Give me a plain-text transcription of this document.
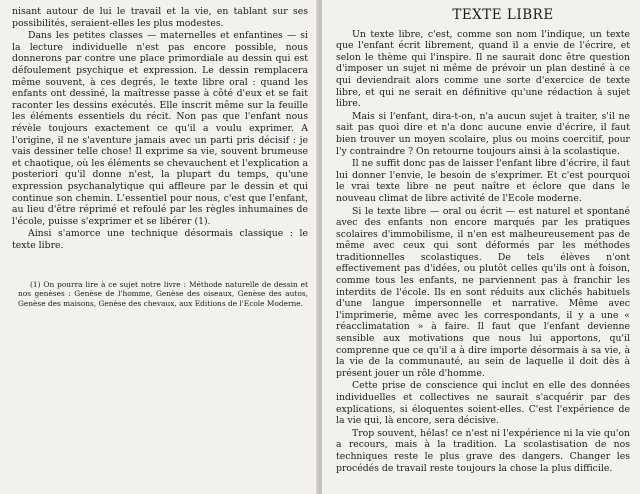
nisant autour de lui le travail et la vie, en tablant sur ses possibilités, seraient-elles les plus modestes.

Dans les petites classes — maternelles et enfantines — si la lecture individuelle n'est pas encore possible, nous donnerons par contre une place primordiale au dessin qui est défoulement psychique et expression. Le dessin remplacera même souvent, à ces degrés, le texte libre oral : quand les enfants ont dessiné, la maîtresse passe à côté d'eux et se fait raconter les dessins exécutés. Elle inscrit même sur la feuille les éléments essentiels du récit. Non pas que l'enfant nous révèle toujours exactement ce qu'il a voulu exprimer. A l'origine, il ne s'aventure jamais avec un parti pris décisif : je vais dessiner telle chose! Il exprime sa vie, souvent brumeuse et chaotique, où les éléments se chevauchent et l'explication a posteriori qu'il donne n'est, la plupart du temps, qu'une expression psychanalytique qui affleure par le dessin et qui continue son chemin. L'essentiel pour nous, c'est que l'enfant, au lieu d'être réprimé et refoulé par les règles inhumaines de l'école, puisse s'exprimer et se libérer (1).

Ainsi s'amorce une technique désormais classique : le texte libre.

(1) On pourra lire à ce sujet notre livre : Méthode naturelle de dessin et nos genèses : Genèse de l'homme, Genèse des oiseaux, Genèse des autos, Genèse des maisons, Genèse des chevaux, aux Editions de l'Ecole Moderne.

TEXTE LIBRE

Un texte libre, c'est, comme son nom l'indique, un texte que l'enfant écrit librement, quand il a envie de l'écrire, et selon le thème qui l'inspire. Il ne saurait donc être question d'imposer un sujet ni même de prévoir un plan destiné à ce qui deviendrait alors comme une sorte d'exercice de texte libre, et qui ne serait en définitive qu'une rédaction à sujet libre.

Mais si l'enfant, dira-t-on, n'a aucun sujet à traiter, s'il ne sait pas quoi dire et n'a donc aucune envie d'écrire, il faut bien trouver un moyen scolaire, plus ou moins coercitif, pour l'y contraindre ? On retourne toujours ainsi à la scolastique.

Il ne suffit donc pas de laisser l'enfant libre d'écrire, il faut lui donner l'envie, le besoin de s'exprimer. Et c'est pourquoi le vrai texte libre ne peut naître et éclore que dans le nouveau climat de libre activité de l'Ecole moderne.

Si le texte libre — oral ou écrit — est naturel et spontané avec des enfants non encore marqués par les pratiques scolaires d'immobilisme, il n'en est malheureusement pas de même avec ceux qui sont déformés par les méthodes traditionnelles scolastiques. De tels élèves n'ont effectivement pas d'idées, ou plutôt celles qu'ils ont à foison, comme tous les enfants, ne parviennent pas à franchir les interdits de l'école. Ils en sont réduits aux clichés habituels d'une langue impersonnelle et narrative. Même avec l'imprimerie, même avec les correspondants, il y a une « réacclimatation » à faire. Il faut que l'enfant devienne sensible aux motivations que nous lui apportons, qu'il comprenne que ce qu'il a à dire importe désormais à sa vie, à la vie de la communauté, au sein de laquelle il doit dès à présent jouer un rôle d'homme.

Cette prise de conscience qui inclut en elle des données individuelles et collectives ne saurait s'acquérir par des explications, si éloquentes soient-elles. C'est l'expérience de la vie qui, là encore, sera décisive.

Trop souvent, hélas! ce n'est ni l'expérience ni la vie qu'on a recours, mais à la tradition. La scolastisation de nos techniques reste le plus grave des dangers. Changer les procédés de travail reste toujours la chose la plus difficile.
